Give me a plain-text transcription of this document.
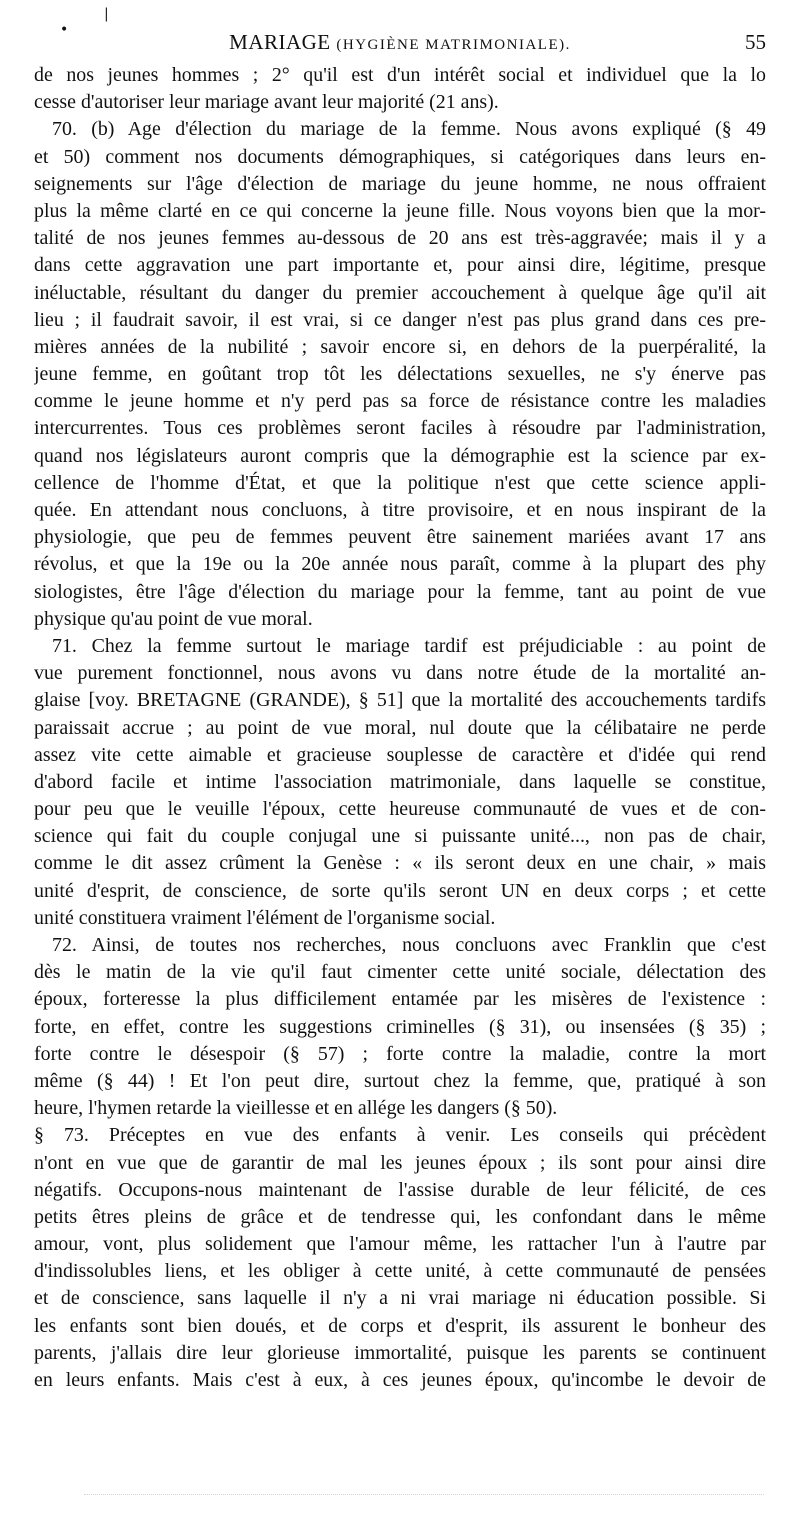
•
|
MARIAGE (HYGIÈNE MATRIMONIALE).	55
de nos jeunes hommes ; 2° qu'il est d'un intérêt social et individuel que la lo
cesse d'autoriser leur mariage avant leur majorité (21 ans).
70. (b) Age d'élection du mariage de la femme. Nous avons expliqué (§ 49
et 50) comment nos documents démographiques, si catégoriques dans leurs en-
seignements sur l'âge d'élection de mariage du jeune homme, ne nous offraient
plus la même clarté en ce qui concerne la jeune fille. Nous voyons bien que la mor-
talité de nos jeunes femmes au-dessous de 20 ans est très-aggravée; mais il y a
dans cette aggravation une part importante et, pour ainsi dire, légitime, presque
inéluctable, résultant du danger du premier accouchement à quelque âge qu'il ait
lieu ; il faudrait savoir, il est vrai, si ce danger n'est pas plus grand dans ces pre-
mières années de la nubilité ; savoir encore si, en dehors de la puerpéralité, la
jeune femme, en goûtant trop tôt les délectations sexuelles, ne s'y énerve pas
comme le jeune homme et n'y perd pas sa force de résistance contre les maladies
intercurrentes. Tous ces problèmes seront faciles à résoudre par l'administration,
quand nos législateurs auront compris que la démographie est la science par ex-
cellence de l'homme d'État, et que la politique n'est que cette science appli-
quée. En attendant nous concluons, à titre provisoire, et en nous inspirant de la
physiologie, que peu de femmes peuvent être sainement mariées avant 17 ans
révolus, et que la 19e ou la 20e année nous paraît, comme à la plupart des phy
siologistes, être l'âge d'élection du mariage pour la femme, tant au point de vue
physique qu'au point de vue moral.
71. Chez la femme surtout le mariage tardif est préjudiciable : au point de
vue purement fonctionnel, nous avons vu dans notre étude de la mortalité an-
glaise [voy. BRETAGNE (GRANDE), § 51] que la mortalité des accouchements tardifs
paraissait accrue ; au point de vue moral, nul doute que la célibataire ne perde
assez vite cette aimable et gracieuse souplesse de caractère et d'idée qui rend
d'abord facile et intime l'association matrimoniale, dans laquelle se constitue,
pour peu que le veuille l'époux, cette heureuse communauté de vues et de con-
science qui fait du couple conjugal une si puissante unité..., non pas de chair,
comme le dit assez crûment la Genèse : « ils seront deux en une chair, » mais
unité d'esprit, de conscience, de sorte qu'ils seront UN en deux corps ; et cette
unité constituera vraiment l'élément de l'organisme social.
72. Ainsi, de toutes nos recherches, nous concluons avec Franklin que c'est
dès le matin de la vie qu'il faut cimenter cette unité sociale, délectation des
époux, forteresse la plus difficilement entamée par les misères de l'existence :
forte, en effet, contre les suggestions criminelles (§ 31), ou insensées (§ 35) ;
forte contre le désespoir (§ 57) ; forte contre la maladie, contre la mort
même (§ 44) ! Et l'on peut dire, surtout chez la femme, que, pratiqué à son
heure, l'hymen retarde la vieillesse et en allége les dangers (§ 50).
§ 73. Préceptes en vue des enfants à venir. Les conseils qui précèdent
n'ont en vue que de garantir de mal les jeunes époux ; ils sont pour ainsi dire
négatifs. Occupons-nous maintenant de l'assise durable de leur félicité, de ces
petits êtres pleins de grâce et de tendresse qui, les confondant dans le même
amour, vont, plus solidement que l'amour même, les rattacher l'un à l'autre par
d'indissolubles liens, et les obliger à cette unité, à cette communauté de pensées
et de conscience, sans laquelle il n'y a ni vrai mariage ni éducation possible. Si
les enfants sont bien doués, et de corps et d'esprit, ils assurent le bonheur des
parents, j'allais dire leur glorieuse immortalité, puisque les parents se continuent
en leurs enfants. Mais c'est à eux, à ces jeunes époux, qu'incombe le devoir de
